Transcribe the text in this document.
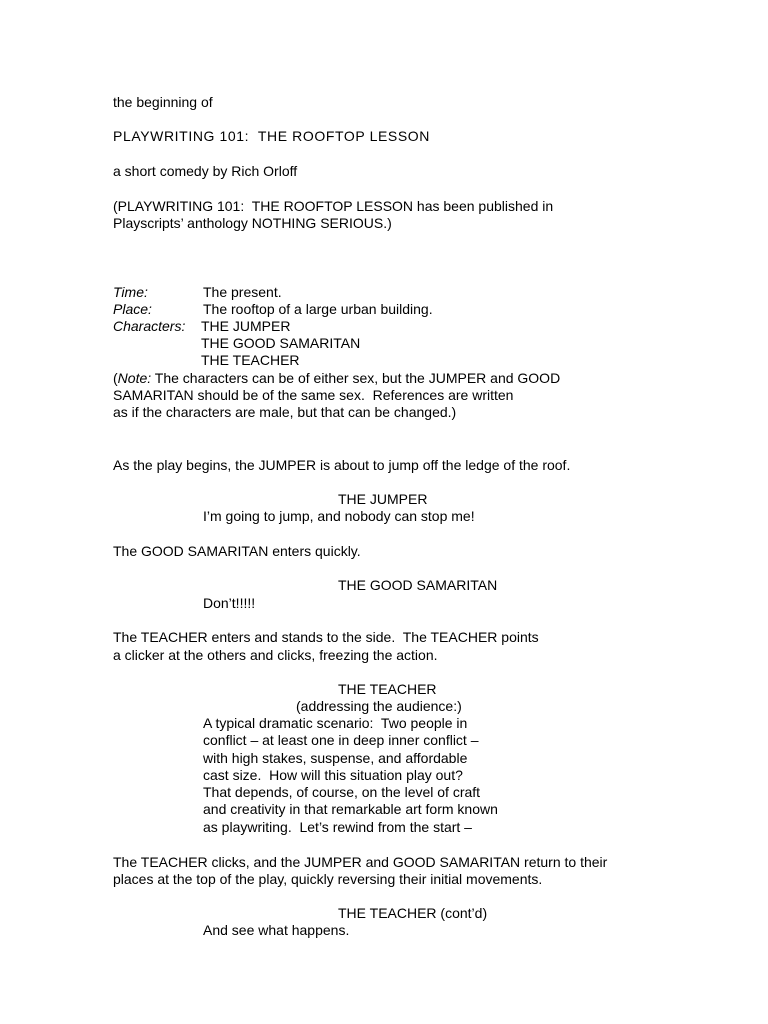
the beginning of
PLAYWRITING 101:  THE ROOFTOP LESSON
a short comedy by Rich Orloff
(PLAYWRITING 101:  THE ROOFTOP LESSON has been published in
Playscripts’ anthology NOTHING SERIOUS.)
Time:	The present.
Place:	The rooftop of a large urban building.
Characters: THE JUMPER
THE GOOD SAMARITAN
THE TEACHER
(Note: The characters can be of either sex, but the JUMPER and GOOD
SAMARITAN should be of the same sex.  References are written
as if the characters are male, but that can be changed.)
As the play begins, the JUMPER is about to jump off the ledge of the roof.
THE JUMPER
I’m going to jump, and nobody can stop me!
The GOOD SAMARITAN enters quickly.
THE GOOD SAMARITAN
Don’t!!!!!
The TEACHER enters and stands to the side.  The TEACHER points
a clicker at the others and clicks, freezing the action.
THE TEACHER
(addressing the audience:)
A typical dramatic scenario:  Two people in
conflict – at least one in deep inner conflict –
with high stakes, suspense, and affordable
cast size.  How will this situation play out?
That depends, of course, on the level of craft
and creativity in that remarkable art form known
as playwriting.  Let’s rewind from the start –
The TEACHER clicks, and the JUMPER and GOOD SAMARITAN return to their
places at the top of the play, quickly reversing their initial movements.
THE TEACHER (cont’d)
And see what happens.
